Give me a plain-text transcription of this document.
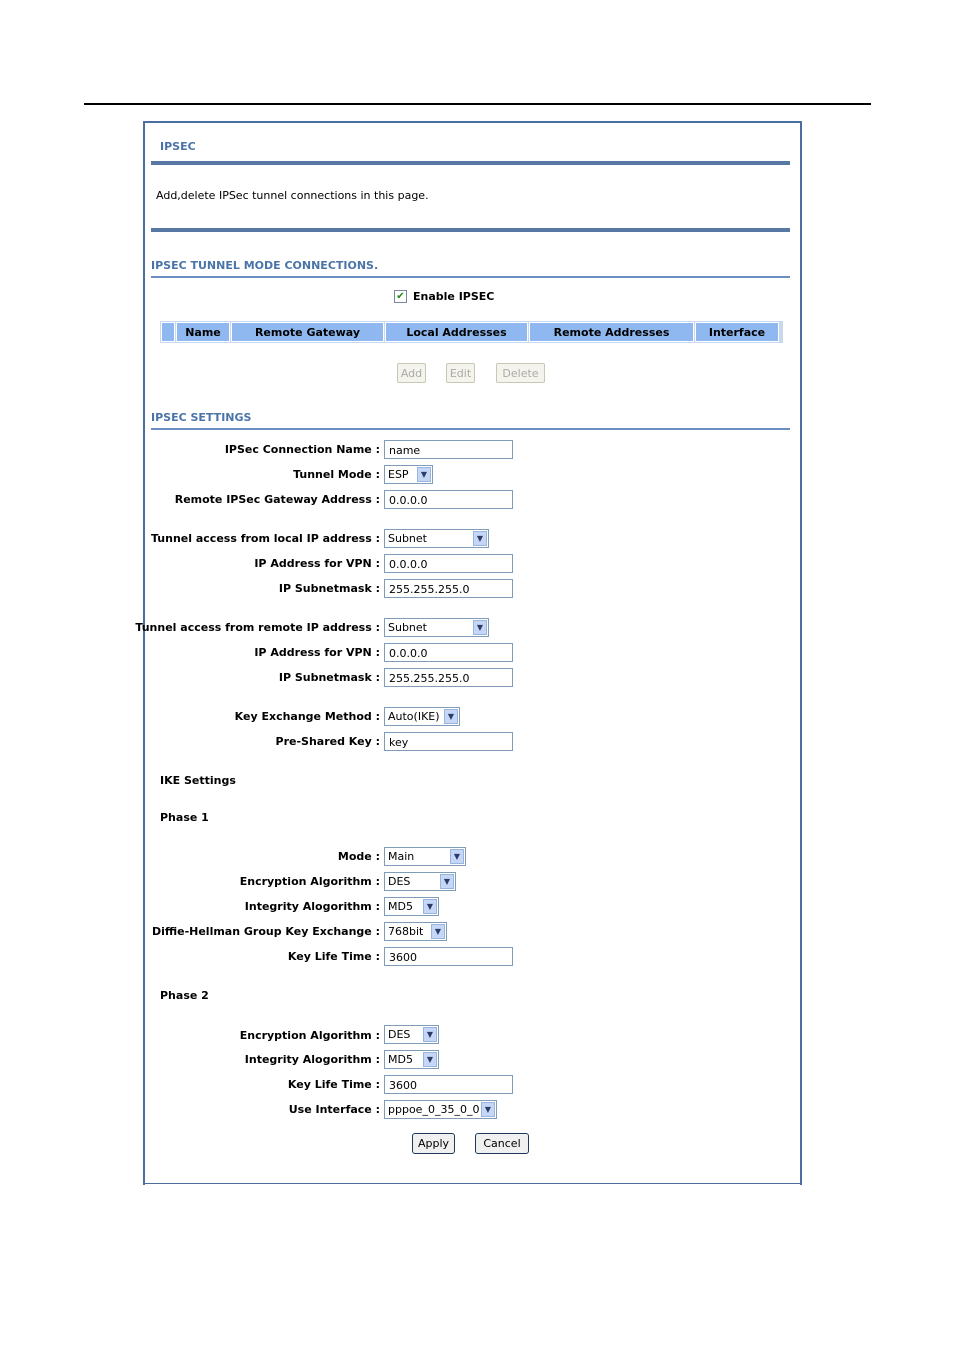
IPSEC
Add,delete IPSec tunnel connections in this page.
IPSEC TUNNEL MODE CONNECTIONS.
✔ Enable IPSEC
Name	Remote Gateway	Local Addresses	Remote Addresses	Interface
Add	Edit	Delete
IPSEC SETTINGS
IPSec Connection Name : name
Tunnel Mode : ESP	▼
Remote IPSec Gateway Address : 0.0.0.0
Tunnel access from local IP address : Subnet	▼
IP Address for VPN : 0.0.0.0
IP Subnetmask : 255.255.255.0
Tunnel access from remote IP address : Subnet	▼
IP Address for VPN : 0.0.0.0
IP Subnetmask : 255.255.255.0
Key Exchange Method : Auto(IKE)	▼
Pre-Shared Key : key
IKE Settings
Phase 1
Mode : Main	▼
Encryption Algorithm : DES	▼
Integrity Alogorithm : MD5	▼
Diffie-Hellman Group Key Exchange : 768bit	▼
Key Life Time : 3600
Phase 2
Encryption Algorithm : DES	▼
Integrity Alogorithm : MD5	▼
Key Life Time : 3600
Use Interface : pppoe_0_35_0_0 ▼
Apply	Cancel
